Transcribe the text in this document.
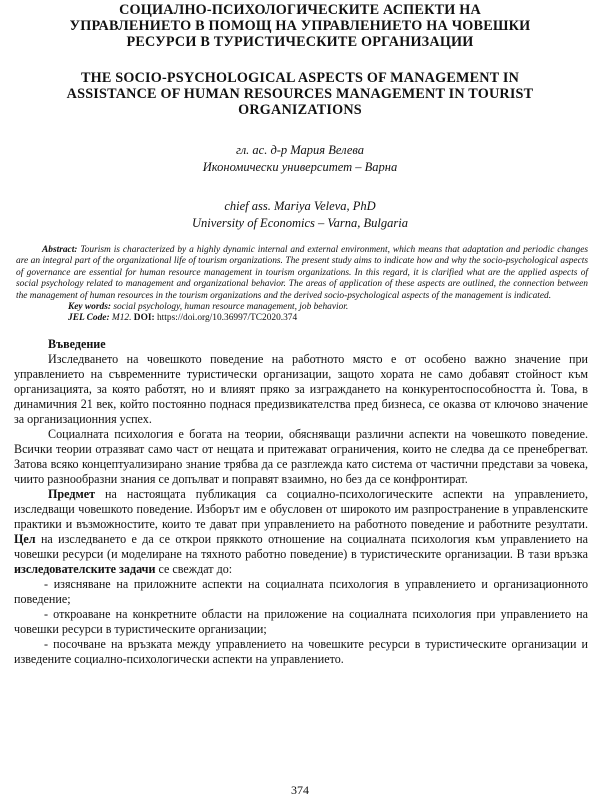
СОЦИАЛНО-ПСИХОЛОГИЧЕСКИТЕ АСПЕКТИ НА
УПРАВЛЕНИЕТО В ПОМОЩ НА УПРАВЛЕНИЕТО НА ЧОВЕШКИ
РЕСУРСИ В ТУРИСТИЧЕСКИТЕ ОРГАНИЗАЦИИ
THE SOCIO-PSYCHOLOGICAL ASPECTS OF MANAGEMENT IN
ASSISTANCE OF HUMAN RESOURCES MANAGEMENT IN TOURIST
ORGANIZATIONS
гл. ас. д-р Мария Велева
Икономически университет – Варна
chief ass. Mariya Veleva, PhD
University of Economics – Varna, Bulgaria

Abstract: Tourism is characterized by a highly dynamic internal and external environment, which means that adaptation and periodic changes are an integral part of the organizational life of tourism organizations. The present study aims to indicate how and why the socio-psychological aspects of governance are essential for human resource management in tourism organizations. In this regard, it is clarified what are the applied aspects of social psychology related to management and organizational behavior. The areas of application of these aspects are outlined, the connection between the management of human resources in the tourism organizations and the derived socio-psychological aspects of the management is indicated.

Key words: social psychology, human resource management, job behavior.

JEL Code: M12. DOI: https://doi.org/10.36997/TC2020.374

Въведение

Изследването на човешкото поведение на работното място е от особено важно значение при управлението на съвременните туристически организации, защото хората не само добавят стойност към организацията, за която работят, но и влияят пряко за изграждането на конкурентоспособността ѝ. Това, в динамичния 21 век, който постоянно поднася предизвикателства пред бизнеса, се оказва от ключово значение за организационния успех.

Социалната психология е богата на теории, обясняващи различни аспекти на човешкото поведение. Всички теории отразяват само част от нещата и притежават ограничения, които не следва да се пренебрегват. Затова всяко концептуализирано знание трябва да се разглежда като система от частични представи за човека, чиито разнообразни знания се допълват и поправят взаимно, но без да се конфронтират.

Предмет на настоящата публикация са социално-психологическите аспекти на управлението, изследващи човешкото поведение. Изборът им е обусловен от широкото им разпространение в управленските практики и възможностите, които те дават при управлението на работното поведение и работните резултати. Цел на изследването е да се открои пряккото отношение на социалната психология към управлението на човешки ресурси (и моделиране на тяхното работно поведение) в туристическите организации. В тази връзка изследователските задачи се свеждат до:

- изясняване на приложните аспекти на социалната психология в управлението и организационното поведение;

- откроаване на конкретните области на приложение на социалната психология при управлението на човешки ресурси в туристическите организации;

- посочване на връзката между управлението на човешките ресурси в туристическите организации и изведените социално-психологически аспекти на управлението.

374
